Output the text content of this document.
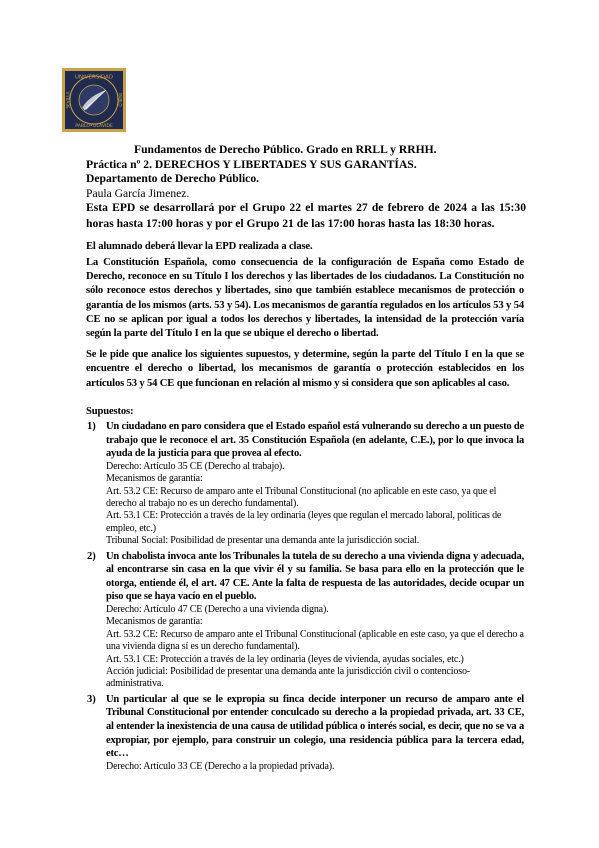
UNIVERSIDAD
PABLO•OLAVIDE
SEVILLA	PABLO
Fundamentos de Derecho Público. Grado en RRLL y RRHH.
Práctica nº 2. DERECHOS Y LIBERTADES Y SUS GARANTÍAS.
Departamento de Derecho Público.
Paula García Jimenez.
Esta EPD se desarrollará por el Grupo 22 el martes 27 de febrero de 2024 a las 15:30 horas hasta 17:00 horas y por el Grupo 21 de las 17:00 horas hasta las 18:30 horas.
El alumnado deberá llevar la EPD realizada a clase.
La Constitución Española, como consecuencia de la configuración de España como Estado de Derecho, reconoce en su Título I los derechos y las libertades de los ciudadanos. La Constitución no sólo reconoce estos derechos y libertades, sino que también establece mecanismos de protección o garantía de los mismos (arts. 53 y 54). Los mecanismos de garantía regulados en los artículos 53 y 54 CE no se aplican por igual a todos los derechos y libertades, la intensidad de la protección varía según la parte del Título I en la que se ubique el derecho o libertad.
Se le pide que analice los siguientes supuestos, y determine, según la parte del Título I en la que se encuentre el derecho o libertad, los mecanismos de garantía o protección establecidos en los artículos 53 y 54 CE que funcionan en relación al mismo y si considera que son aplicables al caso.
Supuestos:
1) Un ciudadano en paro considera que el Estado español está vulnerando su derecho a un puesto de trabajo que le reconoce el art. 35 Constitución Española (en adelante, C.E.), por lo que invoca la ayuda de la justicia para que provea al efecto.
Derecho: Artículo 35 CE (Derecho al trabajo).
Mecanismos de garantía:
Art. 53.2 CE: Recurso de amparo ante el Tribunal Constitucional (no aplicable en este caso, ya que el derecho al trabajo no es un derecho fundamental).
Art. 53.1 CE: Protección a través de la ley ordinaria (leyes que regulan el mercado laboral, políticas de empleo, etc.)
Tribunal Social: Posibilidad de presentar una demanda ante la jurisdicción social.
2) Un chabolista invoca ante los Tribunales la tutela de su derecho a una vivienda digna y adecuada, al encontrarse sin casa en la que vivir él y su familia. Se basa para ello en la protección que le otorga, entiende él, el art. 47 CE. Ante la falta de respuesta de las autoridades, decide ocupar un piso que se haya vacío en el pueblo.
Derecho: Artículo 47 CE (Derecho a una vivienda digna).
Mecanismos de garantía:
Art. 53.2 CE: Recurso de amparo ante el Tribunal Constitucional (aplicable en este caso, ya que el derecho a una vivienda digna sí es un derecho fundamental).
Art. 53.1 CE: Protección a través de la ley ordinaria (leyes de vivienda, ayudas sociales, etc.)
Acción judicial: Posibilidad de presentar una demanda ante la jurisdicción civil o contencioso-administrativa.
3) Un particular al que se le expropia su finca decide interponer un recurso de amparo ante el Tribunal Constitucional por entender conculcado su derecho a la propiedad privada, art. 33 CE, al entender la inexistencia de una causa de utilidad pública o interés social, es decir, que no se va a expropiar, por ejemplo, para construir un colegio, una residencia pública para la tercera edad, etc…
Derecho: Artículo 33 CE (Derecho a la propiedad privada).
